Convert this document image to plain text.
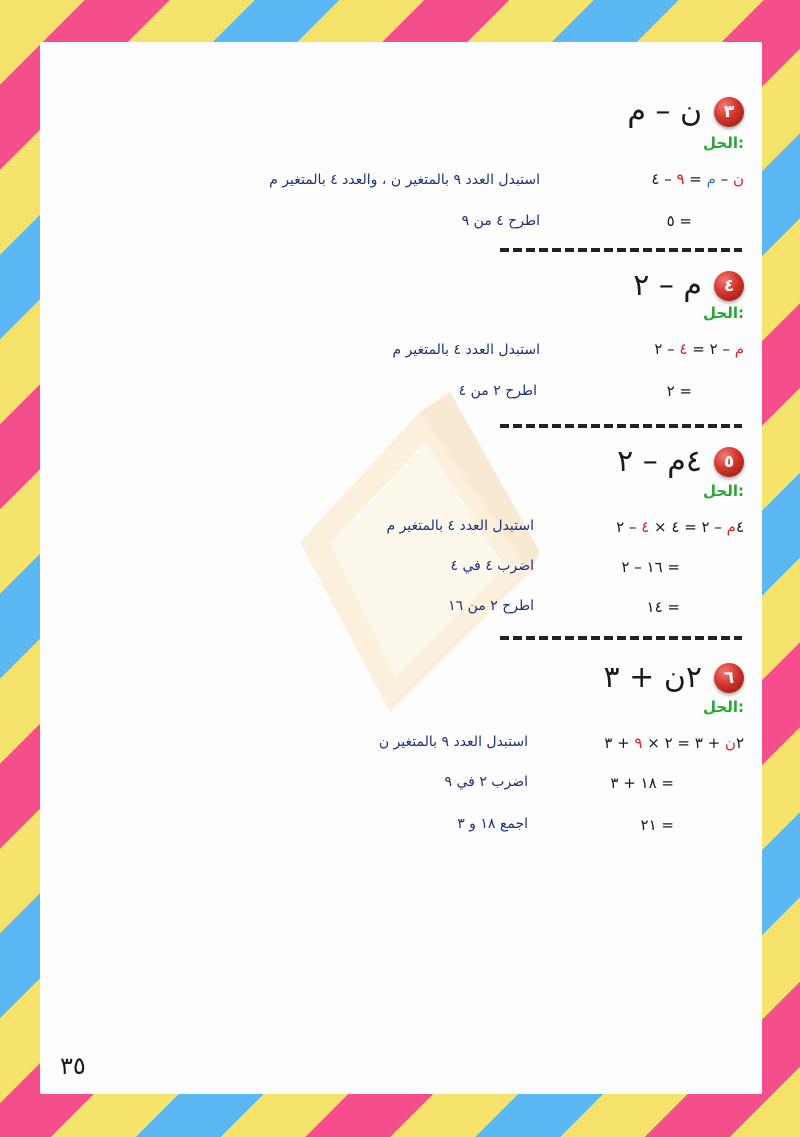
٣
ن – م
الحل:
ن – م = ٩ – ٤
استبدل العدد ٩ بالمتغير ن ، والعدد ٤ بالمتغير م
= ٥
اطرح ٤ من ٩
٤
م – ٢
الحل:
م – ٢ = ٤ – ٢
استبدل العدد ٤ بالمتغير م
= ٢
اطرح ٢ من ٤
٥
٤م – ٢
الحل:
٤م – ٢ = ٤ × ٤ – ٢
استبدل العدد ٤ بالمتغير م
= ١٦ – ٢
اضرب ٤ في ٤
= ١٤
اطرح ٢ من ١٦
٦
٢ن + ٣
الحل:
٢ن + ٣ = ٢ × ٩ + ٣
استبدل العدد ٩ بالمتغير ن
= ١٨ + ٣
اضرب ٢ في ٩
= ٢١
اجمع ١٨ و ٣
٣٥
